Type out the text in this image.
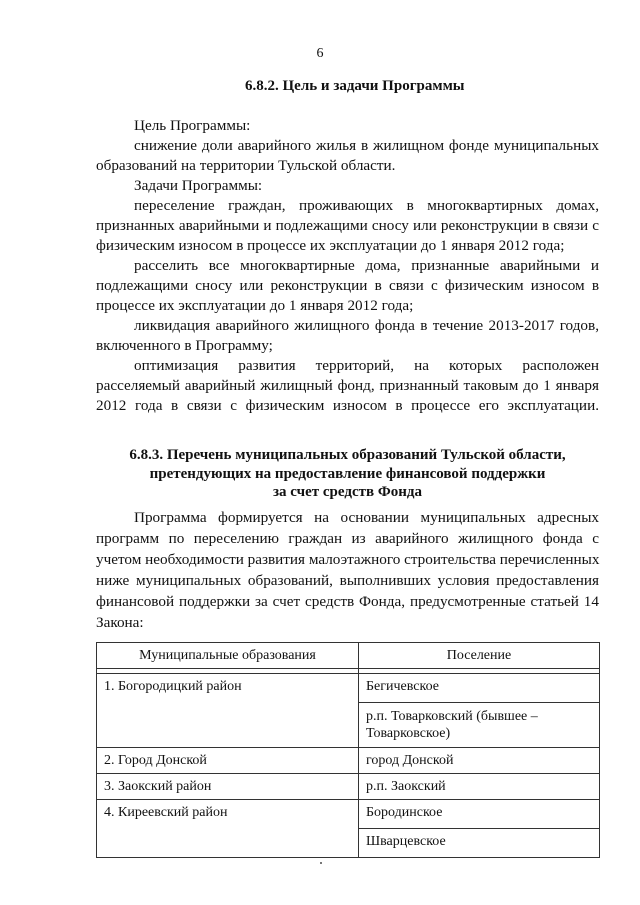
6
6.8.2. Цель и задачи Программы
Цель Программы:
снижение доли аварийного жилья в жилищном фонде муниципальных
образований на территории Тульской области.
Задачи Программы:
переселение граждан, проживающих в многоквартирных домах,
признанных аварийными и подлежащими сносу или реконструкции в связи с
физическим износом в процессе их эксплуатации до 1 января 2012 года;
расселить все многоквартирные дома, признанные аварийными и
подлежащими сносу или реконструкции в связи с физическим износом в
процессе их эксплуатации до 1 января 2012 года;
ликвидация аварийного жилищного фонда в течение 2013-2017 годов,
включенного в Программу;
оптимизация развития территорий, на которых расположен
расселяемый аварийный жилищный фонд, признанный таковым до 1 января
2012 года в связи с физическим износом в процессе его эксплуатации.
6.8.3. Перечень муниципальных образований Тульской области,
претендующих на предоставление финансовой поддержки
за счет средств Фонда
Программа формируется на основании муниципальных адресных
программ по переселению граждан из аварийного жилищного фонда с
учетом необходимости развития малоэтажного строительства перечисленных
ниже муниципальных образований, выполнивших условия предоставления
финансовой поддержки за счет средств Фонда, предусмотренные статьей 14
Закона:
Муниципальные образования	Поселение

1. Богородицкий район	Бегичевское
	р.п. Товарковский (бывшее – Товарковское)
2. Город Донской	город Донской
3. Заокский район	р.п. Заокский
4. Киреевский район	Бородинское
	Шварцевское
